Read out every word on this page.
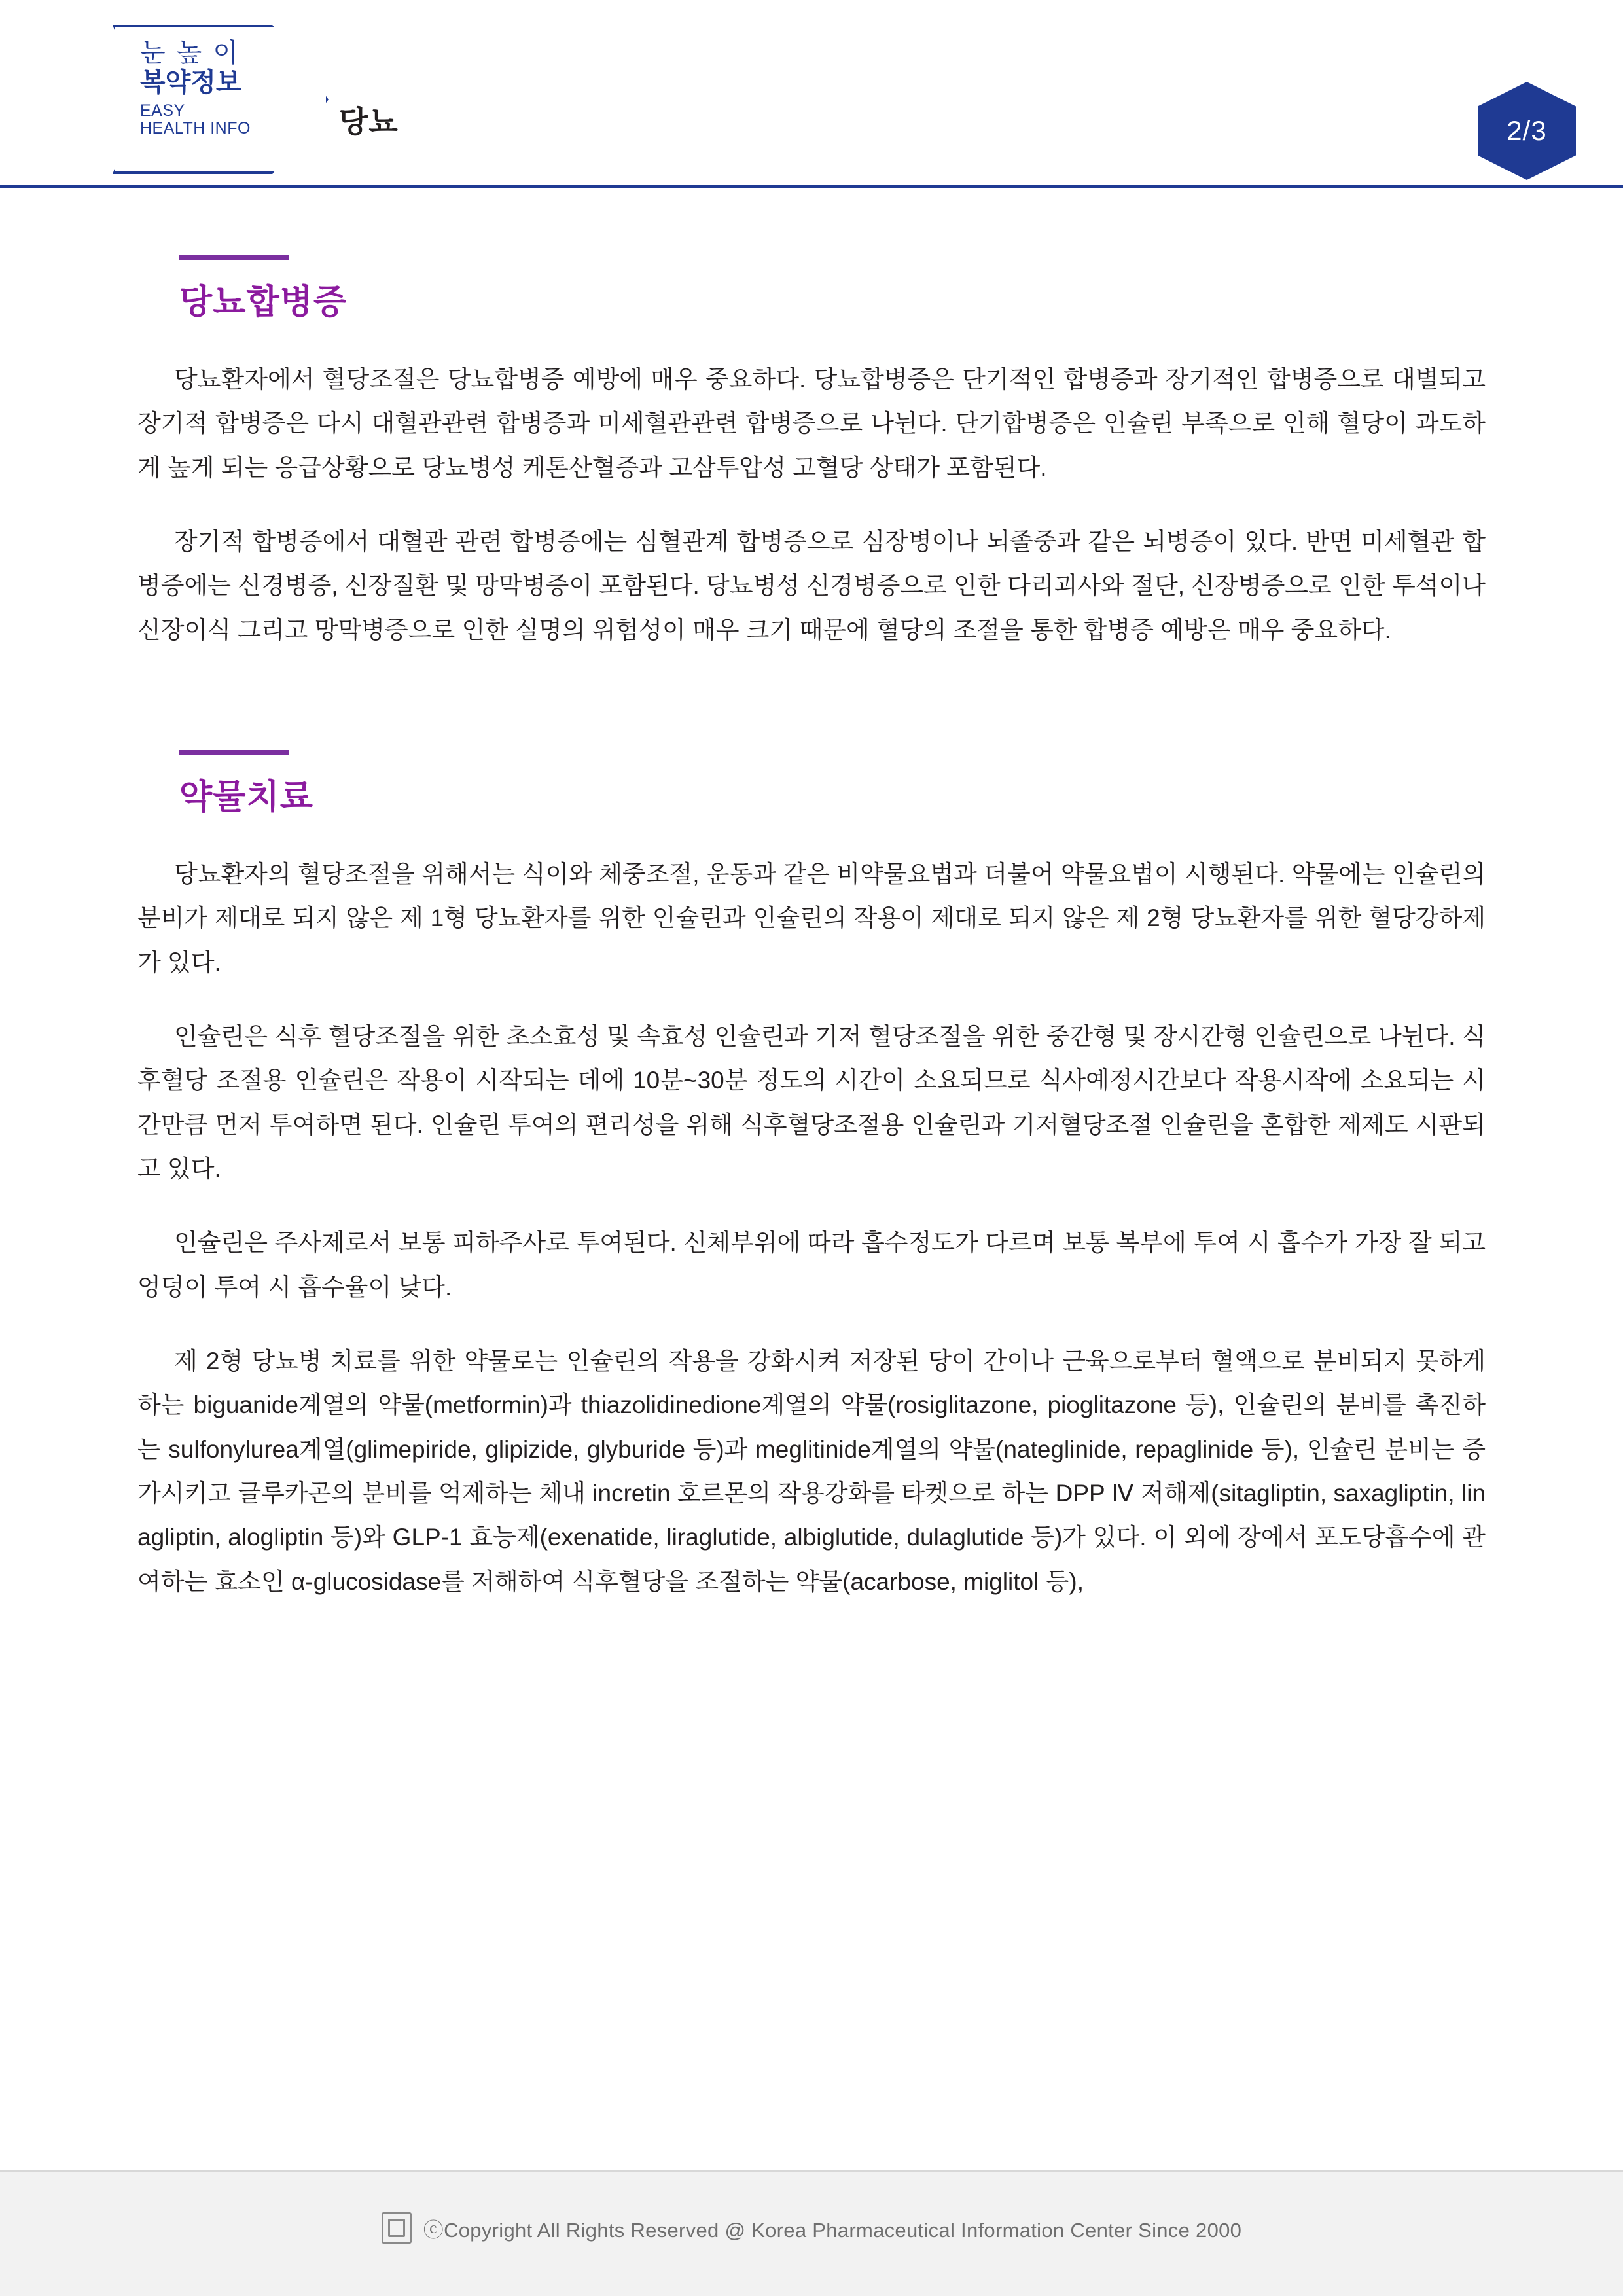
눈 높 이
복약정보
EASY
HEALTH INFO	당뇨	2/3
당뇨합병증

당뇨환자에서 혈당조절은 당뇨합병증 예방에 매우 중요하다. 당뇨합병증은 단기적인 합병증과 장기적인 합병증으로 대별되고 장기적 합병증은 다시 대혈관관련 합병증과 미세혈관관련 합병증으로 나뉜다. 단기합병증은 인슐린 부족으로 인해 혈당이 과도하게 높게 되는 응급상황으로 당뇨병성 케톤산혈증과 고삼투압성 고혈당 상태가 포함된다.

장기적 합병증에서 대혈관 관련 합병증에는 심혈관계 합병증으로 심장병이나 뇌졸중과 같은 뇌병증이 있다. 반면 미세혈관 합병증에는 신경병증, 신장질환 및 망막병증이 포함된다. 당뇨병성 신경병증으로 인한 다리괴사와 절단, 신장병증으로 인한 투석이나 신장이식 그리고 망막병증으로 인한 실명의 위험성이 매우 크기 때문에 혈당의 조절을 통한 합병증 예방은 매우 중요하다.

약물치료

당뇨환자의 혈당조절을 위해서는 식이와 체중조절, 운동과 같은 비약물요법과 더불어 약물요법이 시행된다. 약물에는 인슐린의 분비가 제대로 되지 않은 제 1형 당뇨환자를 위한 인슐린과 인슐린의 작용이 제대로 되지 않은 제 2형 당뇨환자를 위한 혈당강하제가 있다.

인슐린은 식후 혈당조절을 위한 초소효성 및 속효성 인슐린과 기저 혈당조절을 위한 중간형 및 장시간형 인슐린으로 나뉜다. 식후혈당 조절용 인슐린은 작용이 시작되는 데에 10분~30분 정도의 시간이 소요되므로 식사예정시간보다 작용시작에 소요되는 시간만큼 먼저 투여하면 된다. 인슐린 투여의 편리성을 위해 식후혈당조절용 인슐린과 기저혈당조절 인슐린을 혼합한 제제도 시판되고 있다.

인슐린은 주사제로서 보통 피하주사로 투여된다. 신체부위에 따라 흡수정도가 다르며 보통 복부에 투여 시 흡수가 가장 잘 되고 엉덩이 투여 시 흡수율이 낮다.

제 2형 당뇨병 치료를 위한 약물로는 인슐린의 작용을 강화시켜 저장된 당이 간이나 근육으로부터 혈액으로 분비되지 못하게 하는 biguanide계열의 약물(metformin)과 thiazolidinedione계열의 약물(rosiglitazone, pioglitazone 등), 인슐린의 분비를 촉진하는 sulfonylurea계열(glimepiride, glipizide, glyburide 등)과 meglitinide계열의 약물(nateglinide, repaglinide 등), 인슐린 분비는 증가시키고 글루카곤의 분비를 억제하는 체내 incretin 호르몬의 작용강화를 타켓으로 하는 DPP Ⅳ 저해제(sitagliptin, saxagliptin, linagliptin, alogliptin 등)와 GLP-1 효능제(exenatide, liraglutide, albiglutide, dulaglutide 등)가 있다. 이 외에 장에서 포도당흡수에 관여하는 효소인 α-glucosidase를 저해하여 식후혈당을 조절하는 약물(acarbose, miglitol 등),

ⓒCopyright All Rights Reserved @ Korea Pharmaceutical Information Center Since 2000
